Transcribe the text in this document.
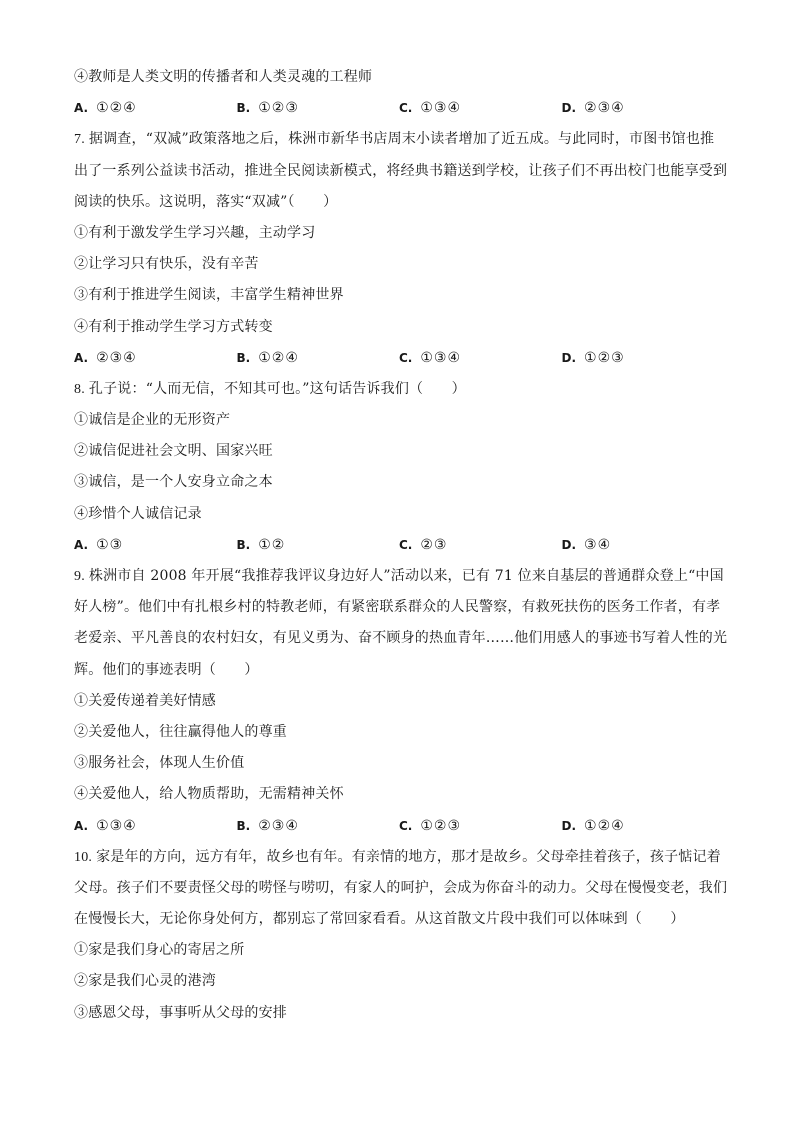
④教师是人类文明的传播者和人类灵魂的工程师
A. ①②④	B. ①②③	C. ①③④	D. ②③④
7. 据调查，“双减”政策落地之后，株洲市新华书店周末小读者增加了近五成。与此同时，市图书馆也推
出了一系列公益读书活动，推进全民阅读新模式，将经典书籍送到学校，让孩子们不再出校门也能享受到
阅读的快乐。这说明，落实“双减”（　　）
①有利于激发学生学习兴趣，主动学习
②让学习只有快乐，没有辛苦
③有利于推进学生阅读，丰富学生精神世界
④有利于推动学生学习方式转变
A. ②③④	B. ①②④	C. ①③④	D. ①②③
8. 孔子说：“人而无信，不知其可也。”这句话告诉我们（　　）
①诚信是企业的无形资产
②诚信促进社会文明、国家兴旺
③诚信，是一个人安身立命之本
④珍惜个人诚信记录
A. ①③	B. ①②	C. ②③	D. ③④
9. 株洲市自 2008 年开展“我推荐我评议身边好人”活动以来，已有 71 位来自基层的普通群众登上“中国
好人榜”。他们中有扎根乡村的特教老师，有紧密联系群众的人民警察，有救死扶伤的医务工作者，有孝
老爱亲、平凡善良的农村妇女，有见义勇为、奋不顾身的热血青年……他们用感人的事迹书写着人性的光
辉。他们的事迹表明（　　）
①关爱传递着美好情感
②关爱他人，往往赢得他人的尊重
③服务社会，体现人生价值
④关爱他人，给人物质帮助，无需精神关怀
A. ①③④	B. ②③④	C. ①②③	D. ①②④
10. 家是年的方向，远方有年，故乡也有年。有亲情的地方，那才是故乡。父母牵挂着孩子，孩子惦记着
父母。孩子们不要责怪父母的唠怪与唠叨，有家人的呵护，会成为你奋斗的动力。父母在慢慢变老，我们
在慢慢长大，无论你身处何方，都别忘了常回家看看。从这首散文片段中我们可以体味到（　　）
①家是我们身心的寄居之所
②家是我们心灵的港湾
③感恩父母，事事听从父母的安排
